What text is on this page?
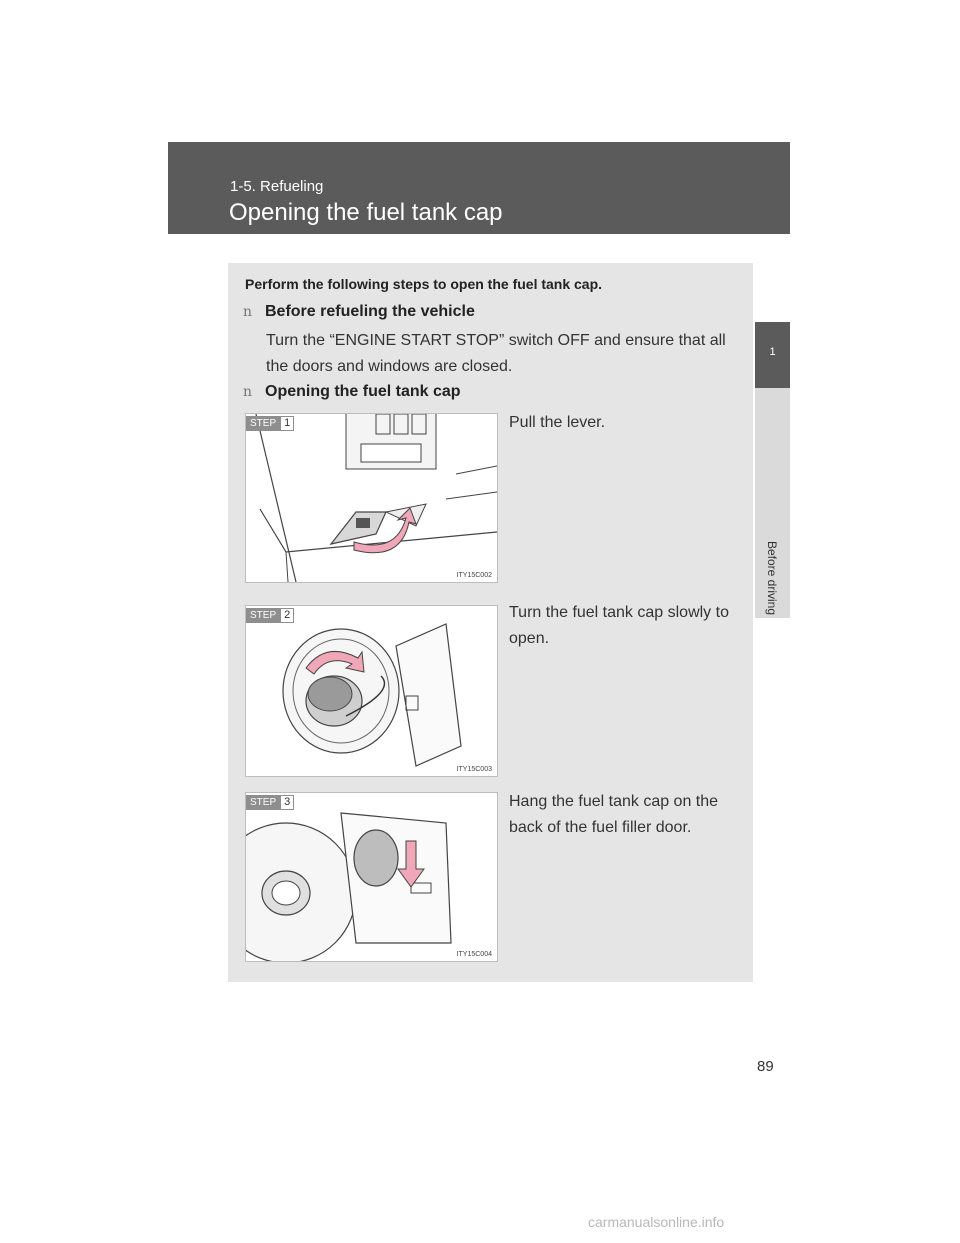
1-5. Refueling
Opening the fuel tank cap
1
Before driving
Perform the following steps to open the fuel tank cap.
n Before refueling the vehicle
Turn the “ENGINE START STOP” switch OFF and ensure that all the doors and windows are closed.
n Opening the fuel tank cap
STEP 1
ITY15C002
Pull the lever.
STEP 2
ITY15C003
Turn the fuel tank cap slowly to open.
STEP 3
ITY15C004
Hang the fuel tank cap on the back of the fuel filler door.
89
carmanualsonline.info
